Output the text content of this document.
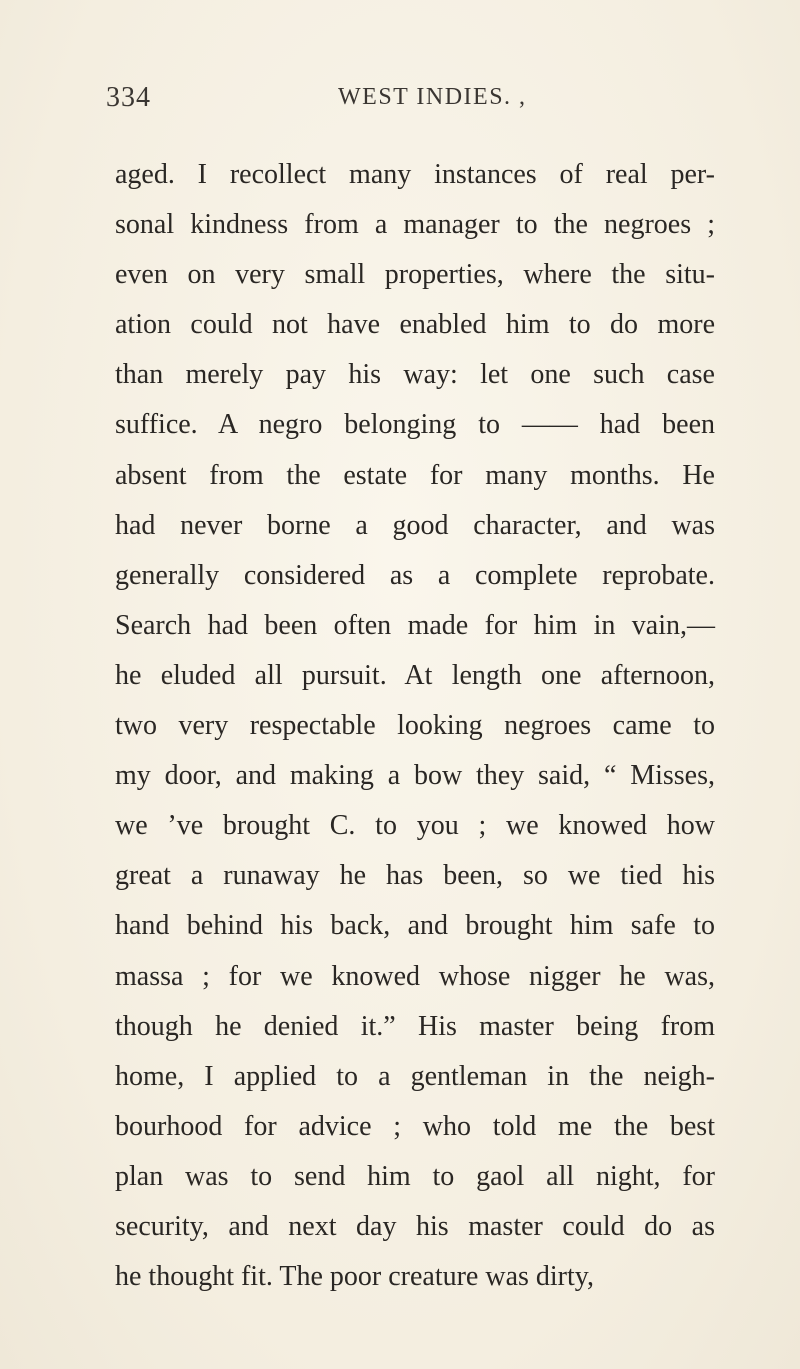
334	WEST INDIES. ,
aged. I recollect many instances of real per-
sonal kindness from a manager to the negroes ;
even on very small properties, where the situ-
ation could not have enabled him to do more
than merely pay his way: let one such case
suffice. A negro belonging to —— had been
absent from the estate for many months. He
had never borne a good character, and was
generally considered as a complete reprobate.
Search had been often made for him in vain,—
he eluded all pursuit. At length one afternoon,
two very respectable looking negroes came to
my door, and making a bow they said, “ Misses,
we ’ve brought C. to you ; we knowed how
great a runaway he has been, so we tied his
hand behind his back, and brought him safe to
massa ; for we knowed whose nigger he was,
though he denied it.” His master being from
home, I applied to a gentleman in the neigh-
bourhood for advice ; who told me the best
plan was to send him to gaol all night, for
security, and next day his master could do as
he thought fit. The poor creature was dirty,
